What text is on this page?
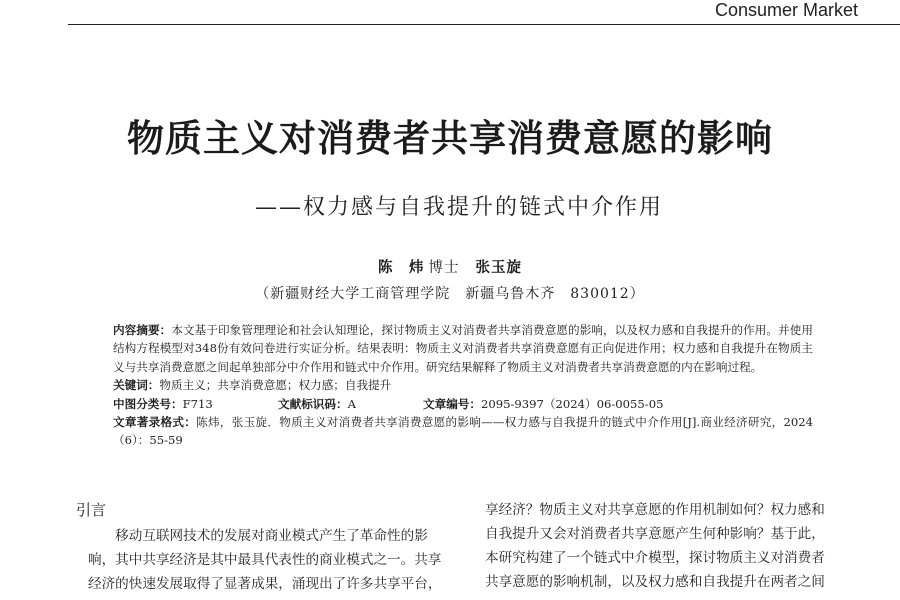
Consumer Market
物质主义对消费者共享消费意愿的影响
——权力感与自我提升的链式中介作用
陈　炜 博士 张玉旋
（新疆财经大学工商管理学院　新疆乌鲁木齐　830012）

内容摘要：本文基于印象管理理论和社会认知理论，探讨物质主义对消费者共享消费意愿的影响，以及权力感和自我提升的作用。并使用结构方程模型对348份有效问卷进行实证分析。结果表明：物质主义对消费者共享消费意愿有正向促进作用；权力感和自我提升在物质主义与共享消费意愿之间起单独部分中介作用和链式中介作用。研究结果解释了物质主义对消费者共享消费意愿的内在影响过程。

关键词：物质主义；共享消费意愿；权力感；自我提升

中图分类号：F713	文献标识码：A	文章编号：2095-9397（2024）06-0055-05

文章著录格式：陈炜，张玉旋．物质主义对消费者共享消费意愿的影响——权力感与自我提升的链式中介作用[J].商业经济研究，2024（6）：55-59

引言
　　移动互联网技术的发展对商业模式产生了革命性的影
响，其中共享经济是其中最具代表性的商业模式之一。共享
经济的快速发展取得了显著成果，涌现出了许多共享平台，
享经济？物质主义对共享意愿的作用机制如何？权力感和
自我提升又会对消费者共享意愿产生何种影响？基于此，
本研究构建了一个链式中介模型，探讨物质主义对消费者
共享意愿的影响机制，以及权力感和自我提升在两者之间
